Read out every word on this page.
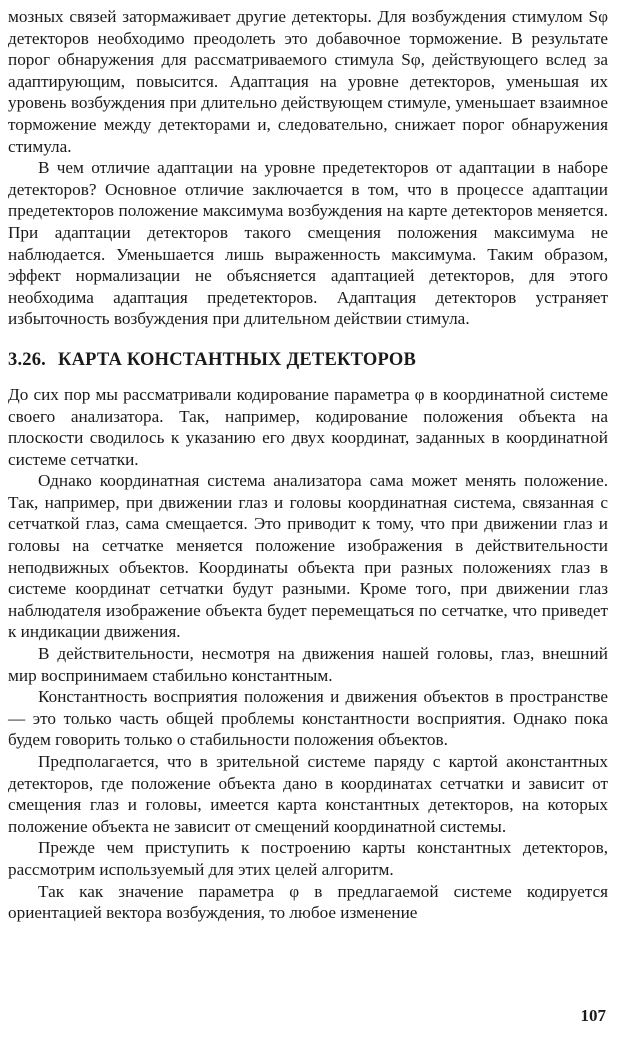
мозных связей затормаживает другие детекторы. Для возбуждения стимулом Sφ детекторов необходимо преодолеть это добавочное торможение. В результате порог обнаружения для рассматриваемого стимула Sφ, действующего вслед за адаптирующим, повысится. Адаптация на уровне детекторов, уменьшая их уровень возбуждения при длительно действующем стимуле, уменьшает взаимное торможение между детекторами и, следовательно, снижает порог обнаружения стимула.

В чем отличие адаптации на уровне предетекторов от адаптации в наборе детекторов? Основное отличие заключается в том, что в процессе адаптации предетекторов положение максимума возбуждения на карте детекторов меняется. При адаптации детекторов такого смещения положения максимума не наблюдается. Уменьшается лишь выраженность максимума. Таким образом, эффект нормализации не объясняется адаптацией детекторов, для этого необходима адаптация предетекторов. Адаптация детекторов устраняет избыточность возбуждения при длительном действии стимула.

3.26. КАРТА КОНСТАНТНЫХ ДЕТЕКТОРОВ

До сих пор мы рассматривали кодирование параметра φ в координатной системе своего анализатора. Так, например, кодирование положения объекта на плоскости сводилось к указанию его двух координат, заданных в координатной системе сетчатки.

Однако координатная система анализатора сама может менять положение. Так, например, при движении глаз и головы координатная система, связанная с сетчаткой глаз, сама смещается. Это приводит к тому, что при движении глаз и головы на сетчатке меняется положение изображения в действительности неподвижных объектов. Координаты объекта при разных положениях глаз в системе координат сетчатки будут разными. Кроме того, при движении глаз наблюдателя изображение объекта будет перемещаться по сетчатке, что приведет к индикации движения.

В действительности, несмотря на движения нашей головы, глаз, внешний мир воспринимаем стабильно константным.

Константность восприятия положения и движения объектов в пространстве — это только часть общей проблемы константности восприятия. Однако пока будем говорить только о стабильности положения объектов.

Предполагается, что в зрительной системе паряду с картой аконстантных детекторов, где положение объекта дано в координатах сетчатки и зависит от смещения глаз и головы, имеется карта константных детекторов, на которых положение объекта не зависит от смещений координатной системы.

Прежде чем приступить к построению карты константных детекторов, рассмотрим используемый для этих целей алгоритм.

Так как значение параметра φ в предлагаемой системе кодируется ориентацией вектора возбуждения, то любое изменение

107
